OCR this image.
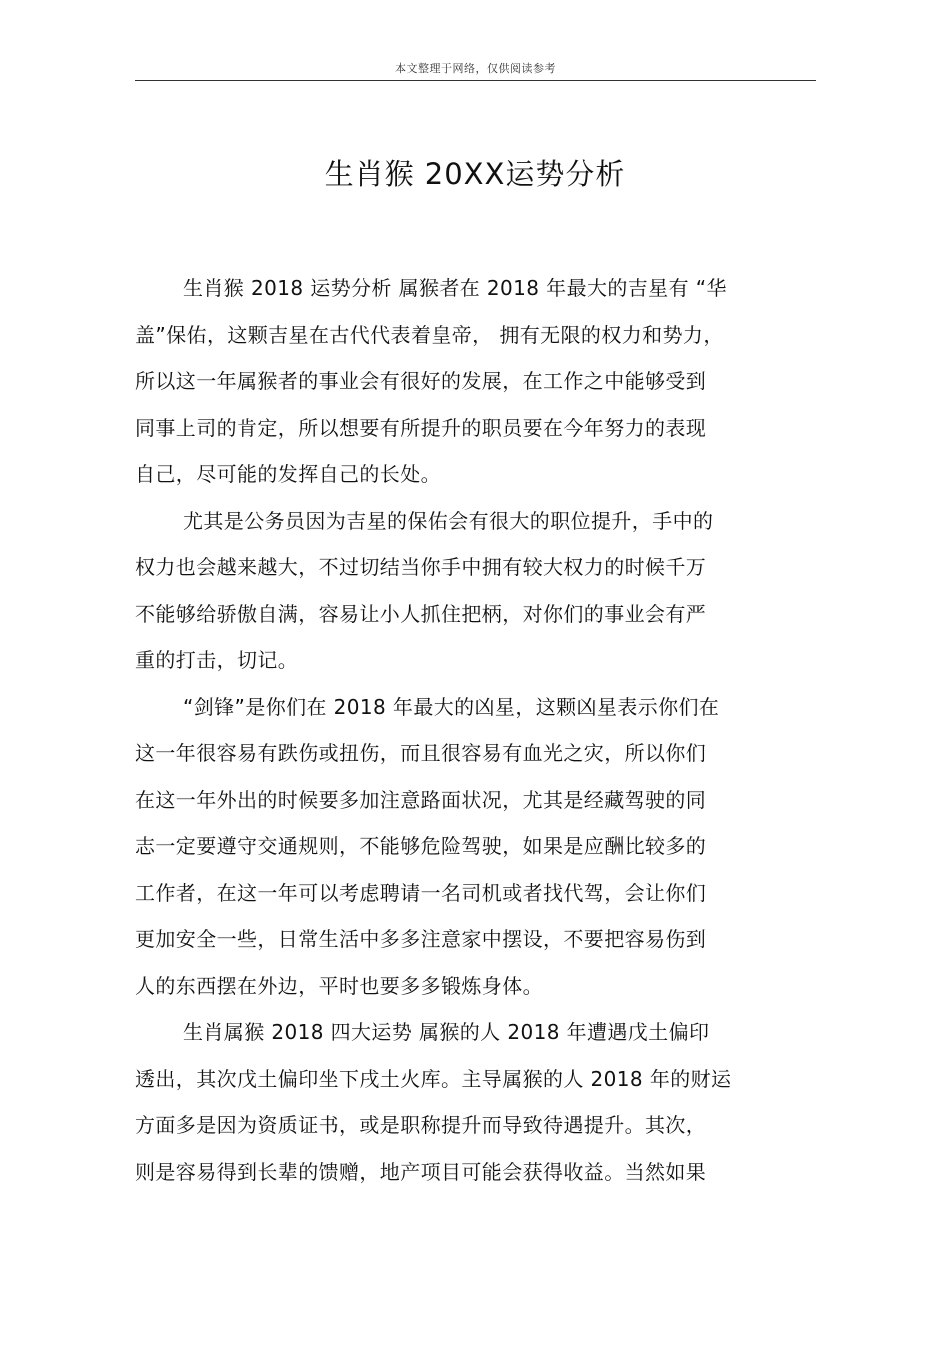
本文整理于网络，仅供阅读参考
生肖猴 20XX运势分析
生肖猴 2018 运势分析 属猴者在 2018 年最大的吉星有 “华
盖”保佑，这颗吉星在古代代表着皇帝， 拥有无限的权力和势力，
所以这一年属猴者的事业会有很好的发展，在工作之中能够受到
同事上司的肯定，所以想要有所提升的职员要在今年努力的表现
自己，尽可能的发挥自己的长处。
尤其是公务员因为吉星的保佑会有很大的职位提升，手中的
权力也会越来越大，不过切结当你手中拥有较大权力的时候千万
不能够给骄傲自满，容易让小人抓住把柄，对你们的事业会有严
重的打击，切记。
“剑锋”是你们在 2018 年最大的凶星，这颗凶星表示你们在
这一年很容易有跌伤或扭伤，而且很容易有血光之灾，所以你们
在这一年外出的时候要多加注意路面状况，尤其是经藏驾驶的同
志一定要遵守交通规则，不能够危险驾驶，如果是应酬比较多的
工作者，在这一年可以考虑聘请一名司机或者找代驾，会让你们
更加安全一些，日常生活中多多注意家中摆设，不要把容易伤到
人的东西摆在外边，平时也要多多锻炼身体。
生肖属猴 2018 四大运势 属猴的人 2018 年遭遇戊土偏印
透出，其次戊土偏印坐下戌土火库。主导属猴的人 2018 年的财运
方面多是因为资质证书，或是职称提升而导致待遇提升。其次，
则是容易得到长辈的馈赠，地产项目可能会获得收益。当然如果
